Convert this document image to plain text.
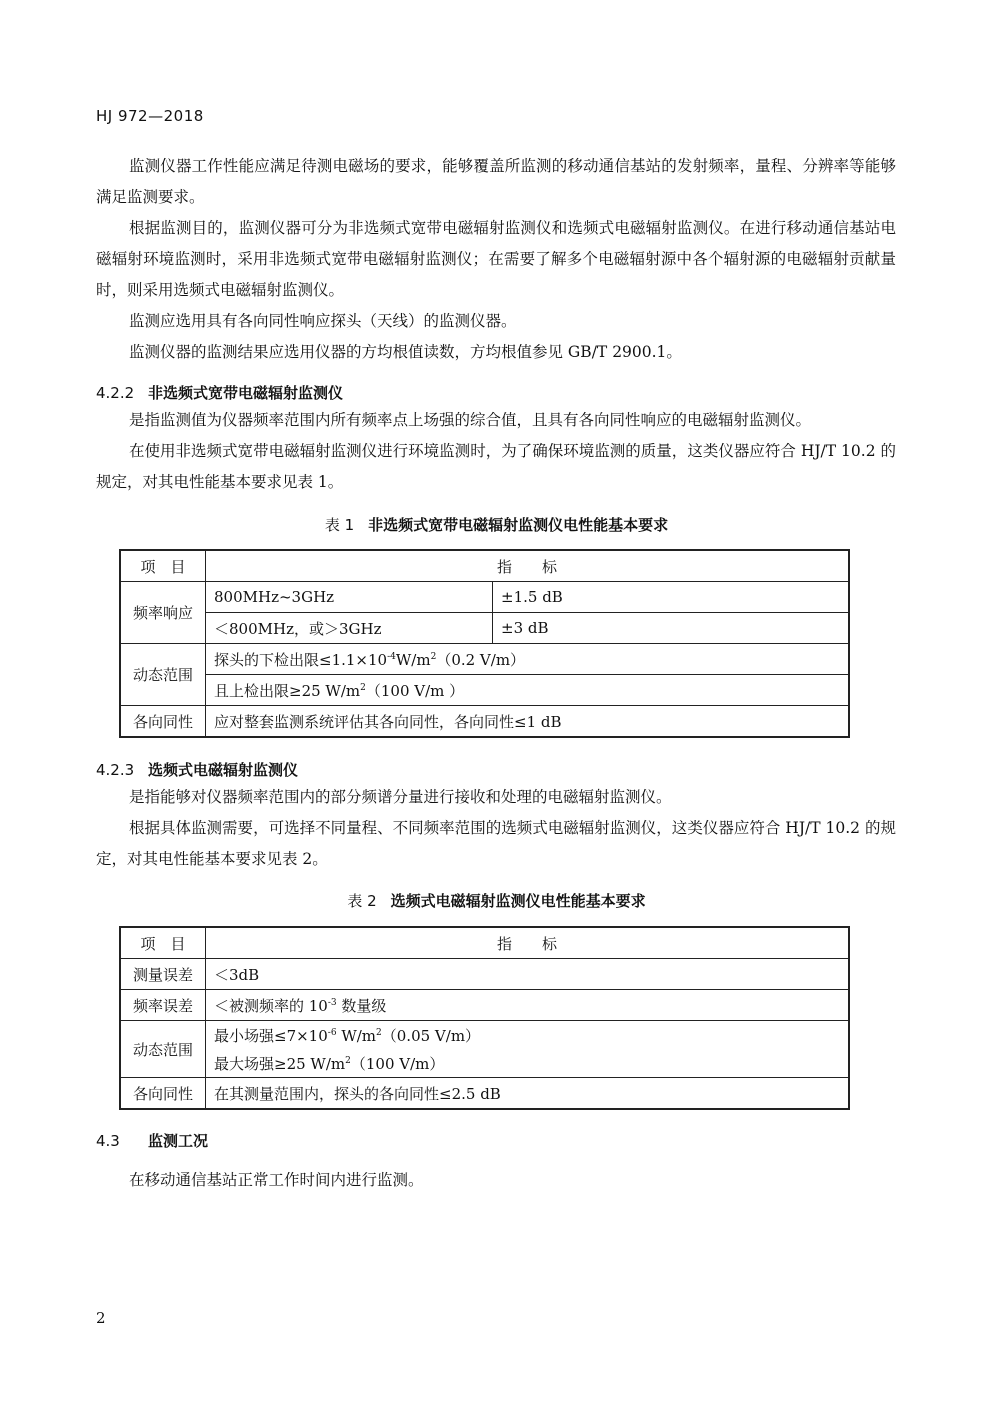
HJ 972—2018
监测仪器工作性能应满足待测电磁场的要求，能够覆盖所监测的移动通信基站的发射频率，量程、分辨率等能够满足监测要求。
根据监测目的，监测仪器可分为非选频式宽带电磁辐射监测仪和选频式电磁辐射监测仪。在进行移动通信基站电磁辐射环境监测时，采用非选频式宽带电磁辐射监测仪；在需要了解多个电磁辐射源中各个辐射源的电磁辐射贡献量时，则采用选频式电磁辐射监测仪。
监测应选用具有各向同性响应探头（天线）的监测仪器。
监测仪器的监测结果应选用仪器的方均根值读数，方均根值参见 GB/T 2900.1。
4.2.2 非选频式宽带电磁辐射监测仪
是指监测值为仪器频率范围内所有频率点上场强的综合值，且具有各向同性响应的电磁辐射监测仪。
在使用非选频式宽带电磁辐射监测仪进行环境监测时，为了确保环境监测的质量，这类仪器应符合 HJ/T 10.2 的规定，对其电性能基本要求见表 1。
表 1 非选频式宽带电磁辐射监测仪电性能基本要求
项　目	指　　标	
频率响应	800MHz~3GHz	±1.5 dB
	＜800MHz，或＞3GHz	±3 dB
动态范围	探头的下检出限$\le 1.1\times 10^{-4}W/m^2(0.2$ V/m）	
	且上检出限≥25 $W/m^2(100$ V/m ）	
各向同性	应对整套监测系统评估其各向同性，各向同性≤1 dB	
4.2.3 选频式电磁辐射监测仪
是指能够对仪器频率范围内的部分频谱分量进行接收和处理的电磁辐射监测仪。
根据具体监测需要，可选择不同量程、不同频率范围的选频式电磁辐射监测仪，这类仪器应符合 HJ/T 10.2 的规定，对其电性能基本要求见表 2。
表 2 选频式电磁辐射监测仪电性能基本要求
项　目	指　　标
测量误差	＜3dB
频率误差	＜被测频率的 $10^{-3}$ 数量级
动态范围	最小场强$\le 7\times 10^{-6}$ $W/m^2(0.05$ V/m）
最大场强≥25 $W/m^2(100$ V/m）

各向同性	在其测量范围内，探头的各向同性≤2.5 dB
4.3 监测工况
在移动通信基站正常工作时间内进行监测。
2
